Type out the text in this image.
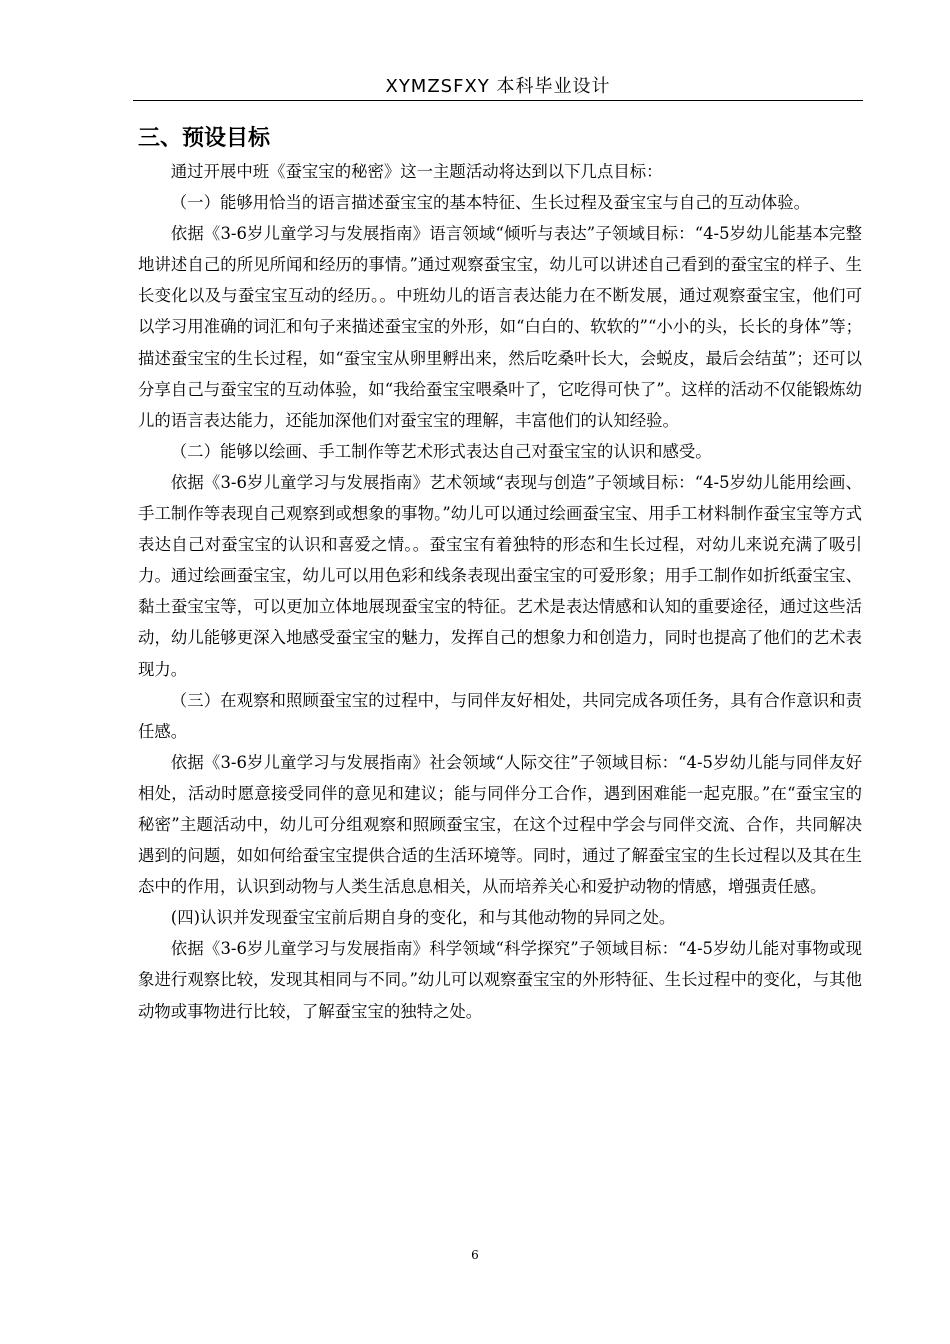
XYMZSFXY 本科毕业设计
三、预设目标

通过开展中班《蚕宝宝的秘密》这一主题活动将达到以下几点目标：

（一）能够用恰当的语言描述蚕宝宝的基本特征、生长过程及蚕宝宝与自己的互动体验。

依据《3-6岁儿童学习与发展指南》语言领域“倾听与表达”子领域目标：“4-5岁幼儿能基本完整地讲述自己的所见所闻和经历的事情。”通过观察蚕宝宝，幼儿可以讲述自己看到的蚕宝宝的样子、生长变化以及与蚕宝宝互动的经历。。中班幼儿的语言表达能力在不断发展，通过观察蚕宝宝，他们可以学习用准确的词汇和句子来描述蚕宝宝的外形，如“白白的、软软的”“小小的头，长长的身体”等；描述蚕宝宝的生长过程，如“蚕宝宝从卵里孵出来，然后吃桑叶长大，会蜕皮，最后会结茧”；还可以分享自己与蚕宝宝的互动体验，如“我给蚕宝宝喂桑叶了，它吃得可快了”。这样的活动不仅能锻炼幼儿的语言表达能力，还能加深他们对蚕宝宝的理解，丰富他们的认知经验。

（二）能够以绘画、手工制作等艺术形式表达自己对蚕宝宝的认识和感受。

依据《3-6岁儿童学习与发展指南》艺术领域“表现与创造”子领域目标：“4-5岁幼儿能用绘画、手工制作等表现自己观察到或想象的事物。”幼儿可以通过绘画蚕宝宝、用手工材料制作蚕宝宝等方式表达自己对蚕宝宝的认识和喜爱之情。。蚕宝宝有着独特的形态和生长过程，对幼儿来说充满了吸引力。通过绘画蚕宝宝，幼儿可以用色彩和线条表现出蚕宝宝的可爱形象；用手工制作如折纸蚕宝宝、黏土蚕宝宝等，可以更加立体地展现蚕宝宝的特征。艺术是表达情感和认知的重要途径，通过这些活动，幼儿能够更深入地感受蚕宝宝的魅力，发挥自己的想象力和创造力，同时也提高了他们的艺术表现力。

（三）在观察和照顾蚕宝宝的过程中，与同伴友好相处，共同完成各项任务，具有合作意识和责任感。

依据《3-6岁儿童学习与发展指南》社会领域“人际交往”子领域目标：“4-5岁幼儿能与同伴友好相处，活动时愿意接受同伴的意见和建议；能与同伴分工合作，遇到困难能一起克服。”在“蚕宝宝的秘密”主题活动中，幼儿可分组观察和照顾蚕宝宝，在这个过程中学会与同伴交流、合作，共同解决遇到的问题，如如何给蚕宝宝提供合适的生活环境等。同时，通过了解蚕宝宝的生长过程以及其在生态中的作用，认识到动物与人类生活息息相关，从而培养关心和爱护动物的情感，增强责任感。

(四)认识并发现蚕宝宝前后期自身的变化，和与其他动物的异同之处。

依据《3-6岁儿童学习与发展指南》科学领域“科学探究”子领域目标：“4-5岁幼儿能对事物或现象进行观察比较，发现其相同与不同。”幼儿可以观察蚕宝宝的外形特征、生长过程中的变化，与其他动物或事物进行比较，了解蚕宝宝的独特之处。

6
